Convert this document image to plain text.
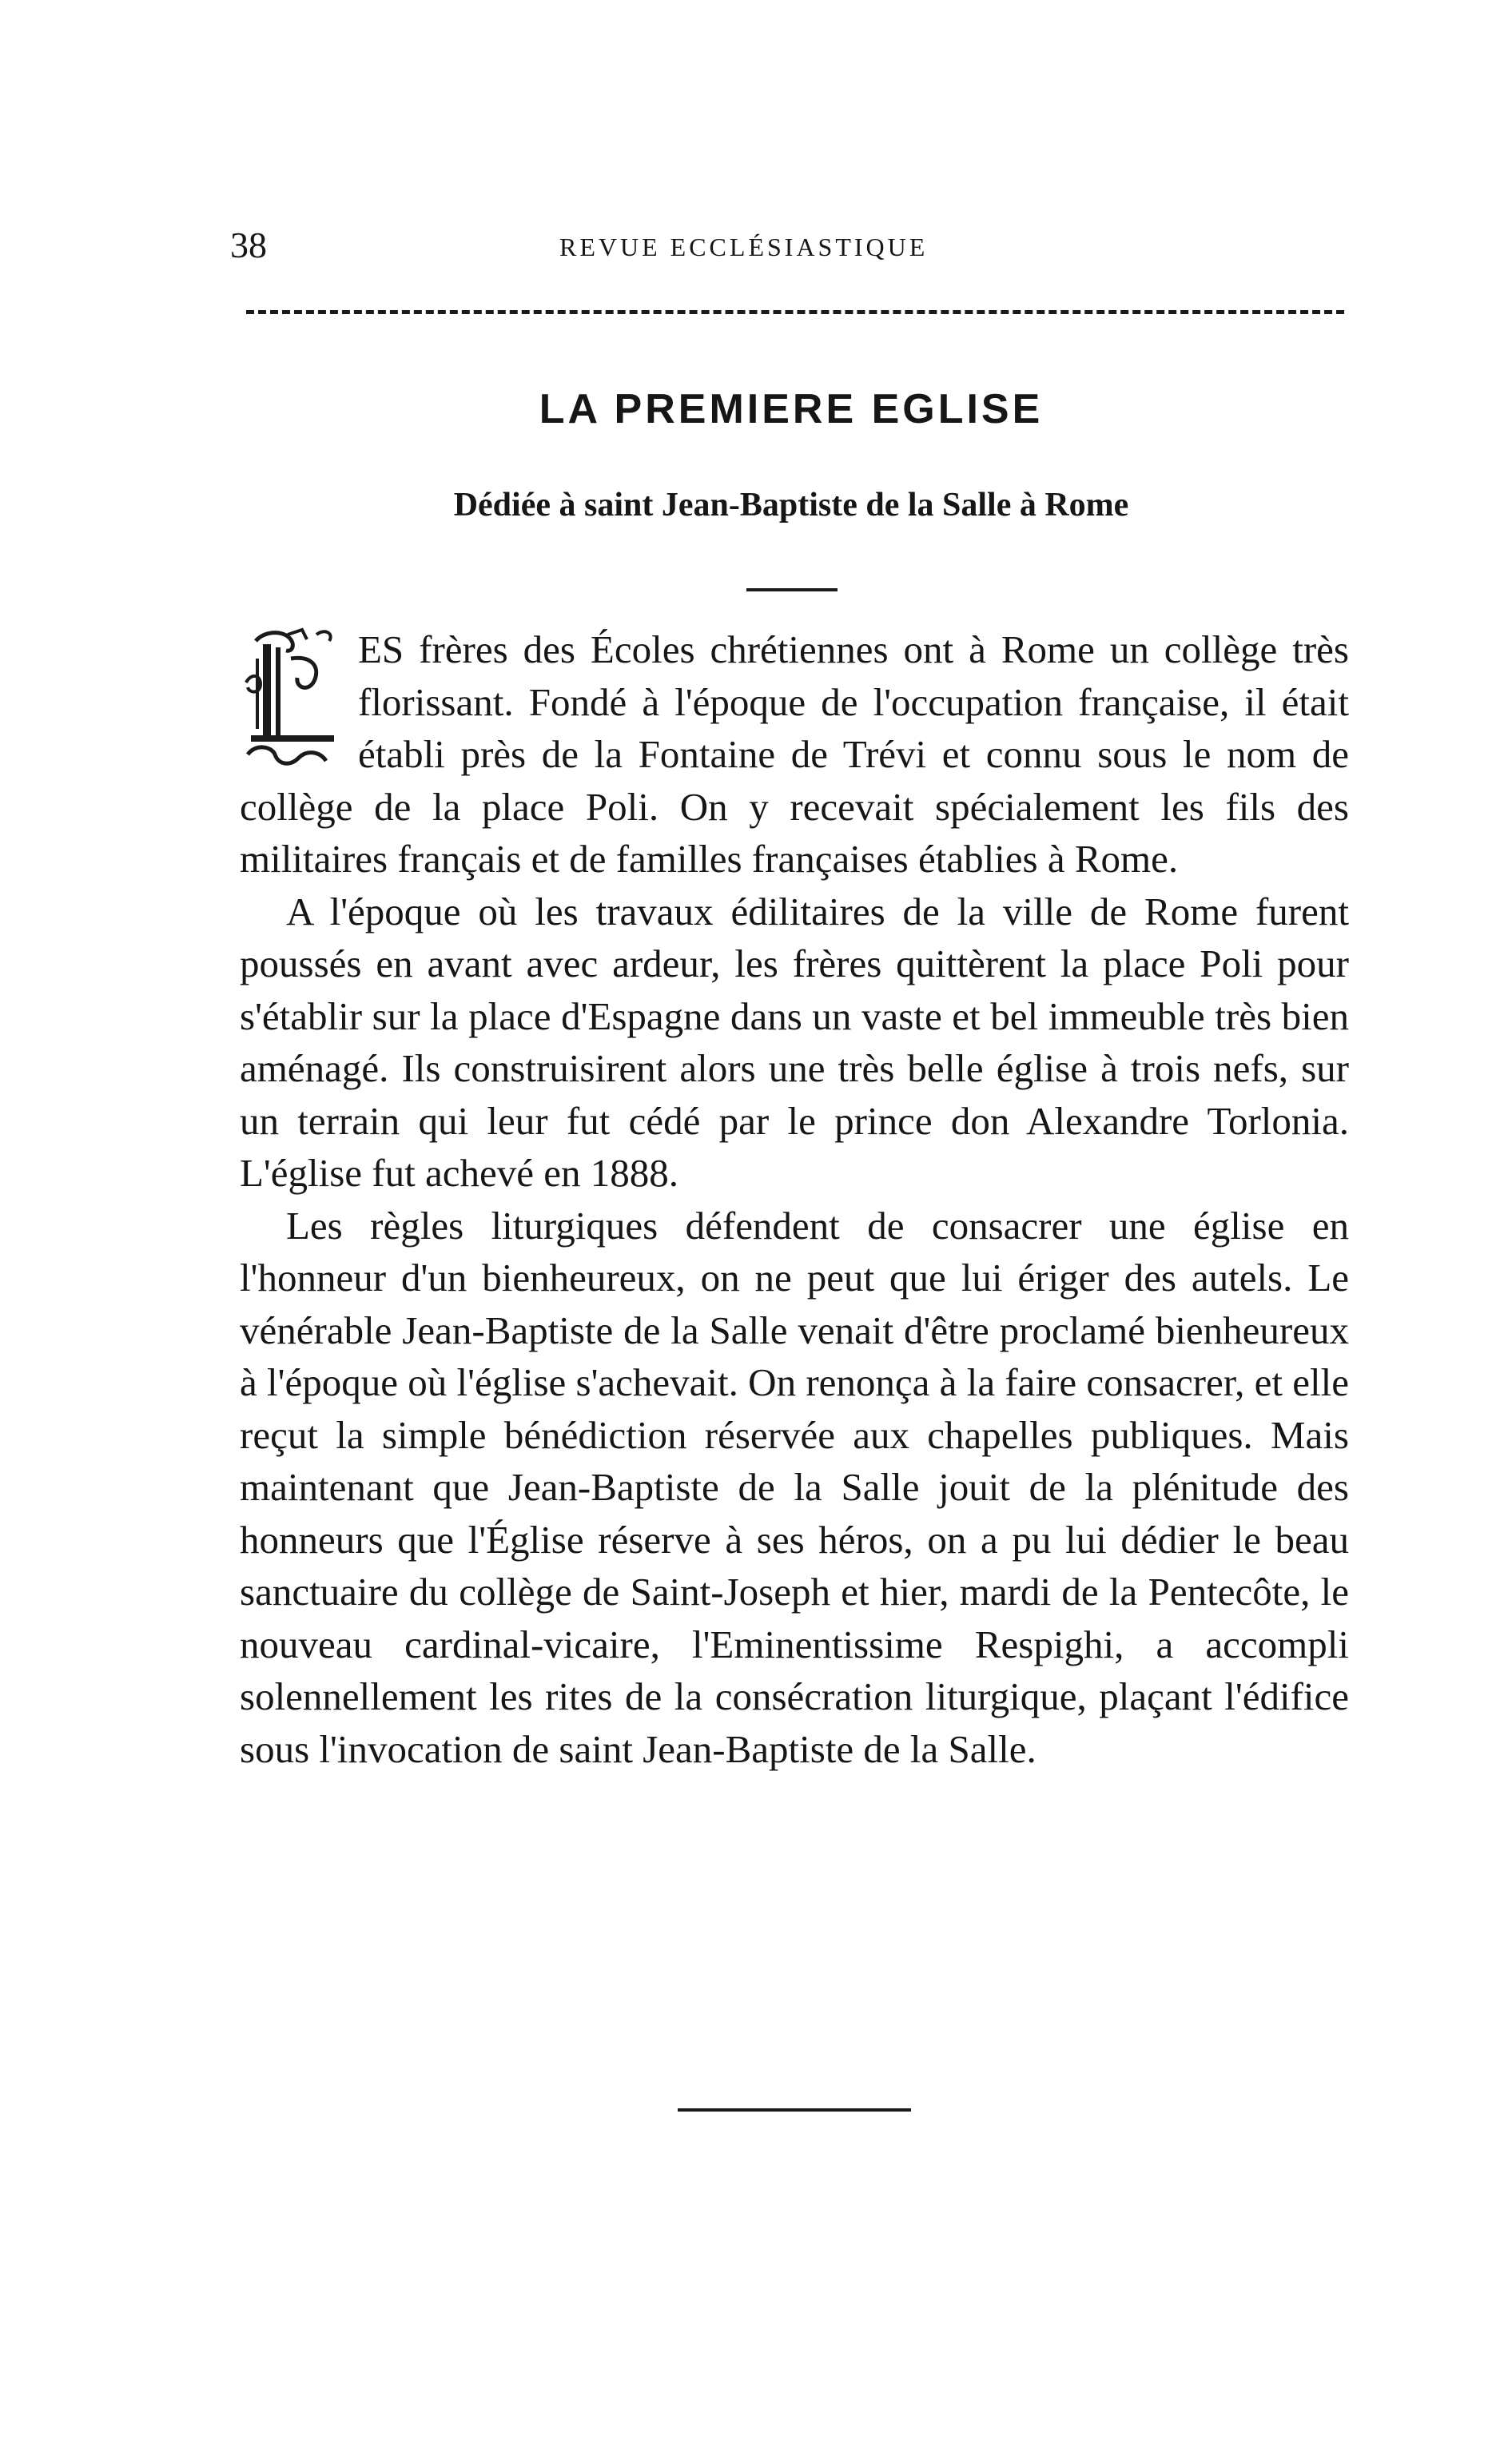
38	REVUE ECCLÉSIASTIQUE
LA PREMIERE EGLISE
Dédiée à saint Jean-Baptiste de la Salle à Rome
L

ES frères des Écoles chrétiennes ont à Rome un collège très florissant. Fondé à l'époque de l'occupation française, il était établi près de la Fontaine de Trévi et connu sous le nom de collège de la place Poli. On y recevait spécialement les fils des militaires français et de familles françaises établies à Rome.

A l'époque où les travaux édilitaires de la ville de Rome furent poussés en avant avec ardeur, les frères quittèrent la place Poli pour s'établir sur la place d'Espagne dans un vaste et bel immeuble très bien aménagé. Ils construisirent alors une très belle église à trois nefs, sur un terrain qui leur fut cédé par le prince don Alexandre Torlonia. L'église fut achevé en 1888.

Les règles liturgiques défendent de consacrer une église en l'honneur d'un bienheureux, on ne peut que lui ériger des autels. Le vénérable Jean-Baptiste de la Salle venait d'être proclamé bienheureux à l'époque où l'église s'achevait. On renonça à la faire consacrer, et elle reçut la simple bénédiction réservée aux chapelles publiques. Mais maintenant que Jean-Baptiste de la Salle jouit de la plénitude des honneurs que l'Église réserve à ses héros, on a pu lui dédier le beau sanctuaire du collège de Saint-Joseph et hier, mardi de la Pentecôte, le nouveau cardinal-vicaire, l'Eminentissime Respighi, a accompli solennellement les rites de la consécration liturgique, plaçant l'édifice sous l'invocation de saint Jean-Baptiste de la Salle.
